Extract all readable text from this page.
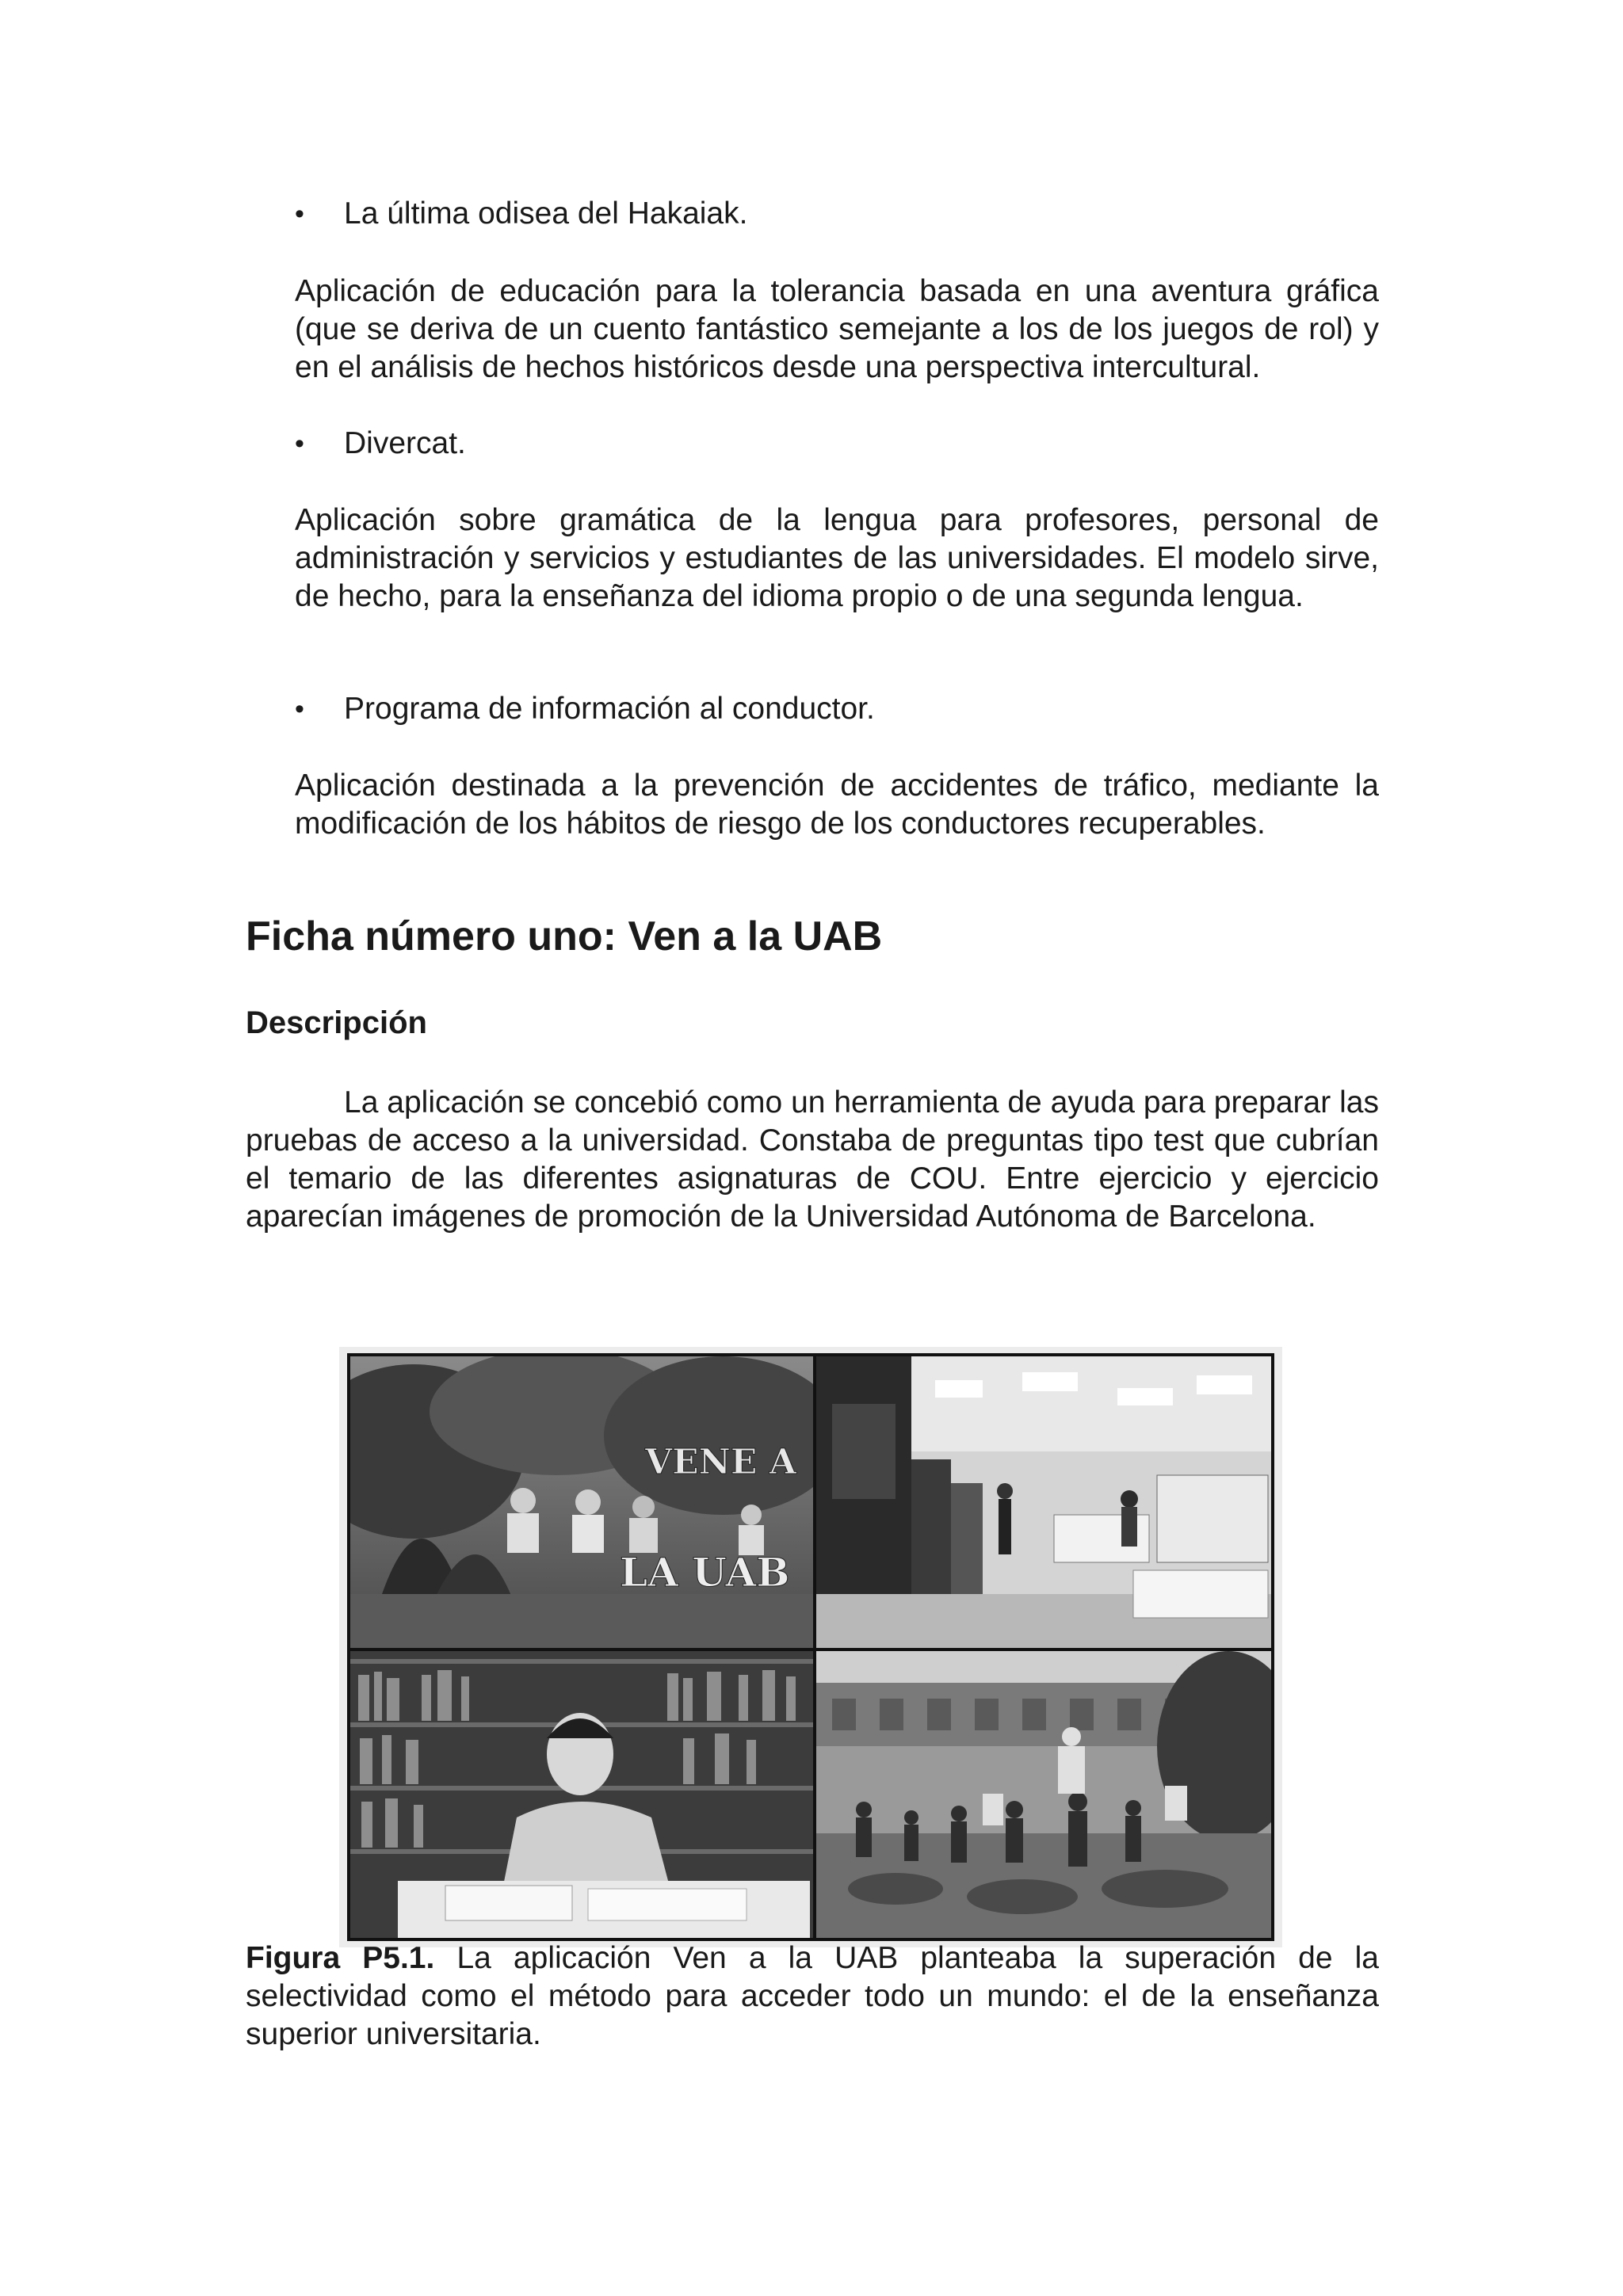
• La última odisea del Hakaiak.

Aplicación de educación para la tolerancia basada en una aventura gráfica (que se deriva de un cuento fantástico semejante a los de los juegos de rol) y en el análisis de hechos históricos desde una perspectiva intercultural.

• Divercat.

Aplicación sobre gramática de la lengua para profesores, personal de administración y servicios y estudiantes de las universidades. El modelo sirve, de hecho, para la enseñanza del idioma propio o de una segunda lengua.

• Programa de información al conductor.

Aplicación destinada a la prevención de accidentes de tráfico, mediante la modificación de los hábitos de riesgo de los conductores recuperables.

Ficha número uno: Ven a la UAB
Descripción

La aplicación se concebió como un herramienta de ayuda para preparar las pruebas de acceso a la universidad. Constaba de preguntas tipo test que cubrían el temario de las diferentes asignaturas de COU. Entre ejercicio y ejercicio aparecían imágenes de promoción de la Universidad Autónoma de Barcelona.

VENE A
LA UAB

Figura P5.1. La aplicación Ven a la UAB planteaba la superación de la selectividad como el método para acceder todo un mundo: el de la enseñanza superior universitaria.
